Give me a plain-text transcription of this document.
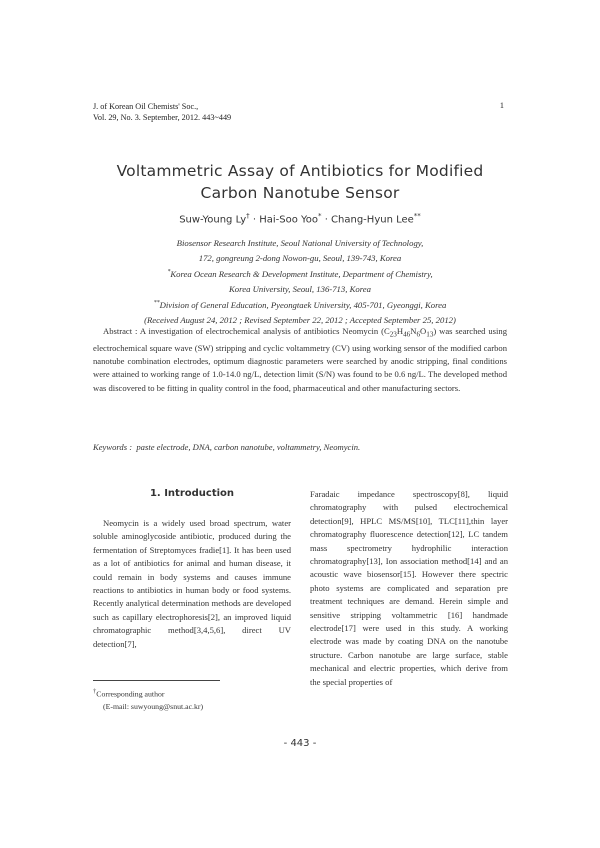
J. of Korean Oil Chemists' Soc.,
Vol. 29, No. 3. September, 2012. 443~449
1
Voltammetric Assay of Antibiotics for Modified
Carbon Nanotube Sensor
Suw-Young Ly† · Hai-Soo Yoo* · Chang-Hyun Lee**
Biosensor Research Institute, Seoul National University of Technology,
172, gongreung 2-dong Nowon-gu, Seoul, 139-743, Korea
*Korea Ocean Research & Development Institute, Department of Chemistry,
Korea University, Seoul, 136-713, Korea
**Division of General Education, Pyeongtaek University, 405-701, Gyeonggi, Korea
(Received August 24, 2012 ; Revised September 22, 2012 ; Accepted September 25, 2012)
Abstract : A investigation of electrochemical analysis of antibiotics Neomycin $(C_{23}H_{46}N_6O_{13})$ was searched using electrochemical square wave (SW) stripping and cyclic voltammetry (CV) using working sensor of the modified carbon nanotube combination electrodes, optimum diagnostic parameters were searched by anodic stripping, final conditions were attained to working range of 1.0-14.0 ng/L, detection limit (S/N) was found to be 0.6 ng/L. The developed method was discovered to be fitting in quality control in the food, pharmaceutical and other manufacturing sectors.
Keywords : paste electrode, DNA, carbon nanotube, voltammetry, Neomycin.
1. Introduction

Neomycin is a widely used broad spectrum, water soluble aminoglycoside antibiotic, produced during the fermentation of Streptomyces fradie[1]. It has been used as a lot of antibiotics for animal and human disease, it could remain in body systems and causes immune reactions to antibiotics in human body or food systems. Recently analytical determination methods are developed such as capillary electrophoresis[2], an improved liquid chromatographic method[3,4,5,6], direct UV detection[7],

Faradaic impedance spectroscopy[8], liquid chromatography with pulsed electrochemical detection[9], HPLC MS/MS[10], TLC[11],thin layer chromatography fluorescence detection[12], LC tandem mass spectrometry hydrophilic interaction chromatography[13], Ion association method[14] and an acoustic wave biosensor[15]. However there spectric photo systems are complicated and separation pre treatment techniques are demand. Herein simple and sensitive stripping voltammetric [16] handmade electrode[17] were used in this study. A working electrode was made by coating DNA on the nanotube structure. Carbon nanotube are large surface, stable mechanical and electric properties, which derive from the special properties of

†Corresponding author
(E-mail: suwyoung@snut.ac.kr)
- 443 -
